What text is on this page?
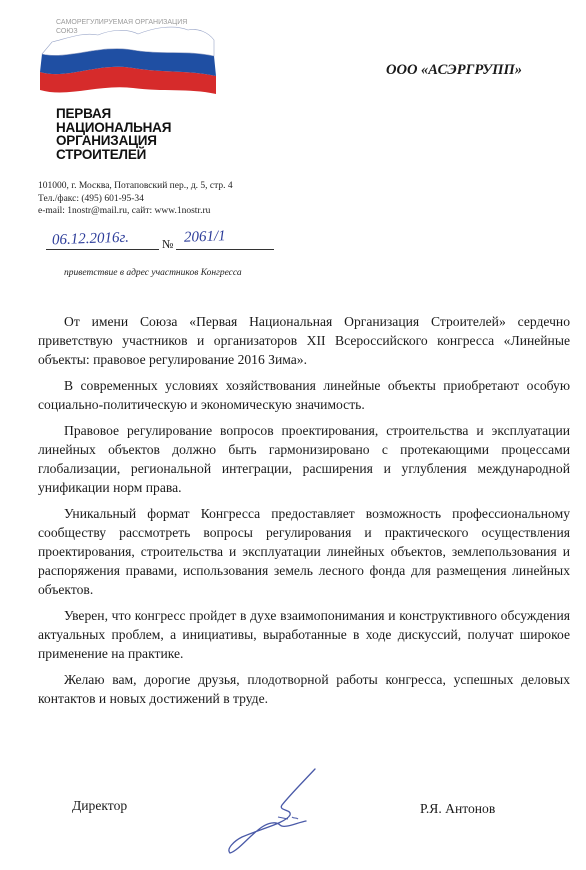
САМОРЕГУЛИРУЕМАЯ ОРГАНИЗАЦИЯ
СОЮЗ
ПЕРВАЯ
НАЦИОНАЛЬНАЯ
ОРГАНИЗАЦИЯ
СТРОИТЕЛЕЙ
ООО «АСЭРГРУПП»
101000, г. Москва, Потаповский пер., д. 5, стр. 4
Тел./факс: (495) 601-95-34
e-mail: 1nostr@mail.ru, сайт: www.1nostr.ru
06.12.2016г.	№ 2061/1
приветствие в адрес участников Конгресса

От имени Союза «Первая Национальная Организация Строителей» сердечно приветствую участников и организаторов XII Всероссийского конгресса «Линейные объекты: правовое регулирование 2016 Зима».

В современных условиях хозяйствования линейные объекты приобретают особую социально-политическую и экономическую значимость.

Правовое регулирование вопросов проектирования, строительства и эксплуатации линейных объектов должно быть гармонизировано с протекающими процессами глобализации, региональной интеграции, расширения и углубления международной унификации норм права.

Уникальный формат Конгресса предоставляет возможность профессиональному сообществу рассмотреть вопросы регулирования и практического осуществления проектирования, строительства и эксплуатации линейных объектов, землепользования и распоряжения правами, использования земель лесного фонда для размещения линейных объектов.

Уверен, что конгресс пройдет в духе взаимопонимания и конструктивного обсуждения актуальных проблем, а инициативы, выработанные в ходе дискуссий, получат широкое применение на практике.

Желаю вам, дорогие друзья, плодотворной работы конгресса, успешных деловых контактов и новых достижений в труде.

Директор	Р.Я. Антонов
